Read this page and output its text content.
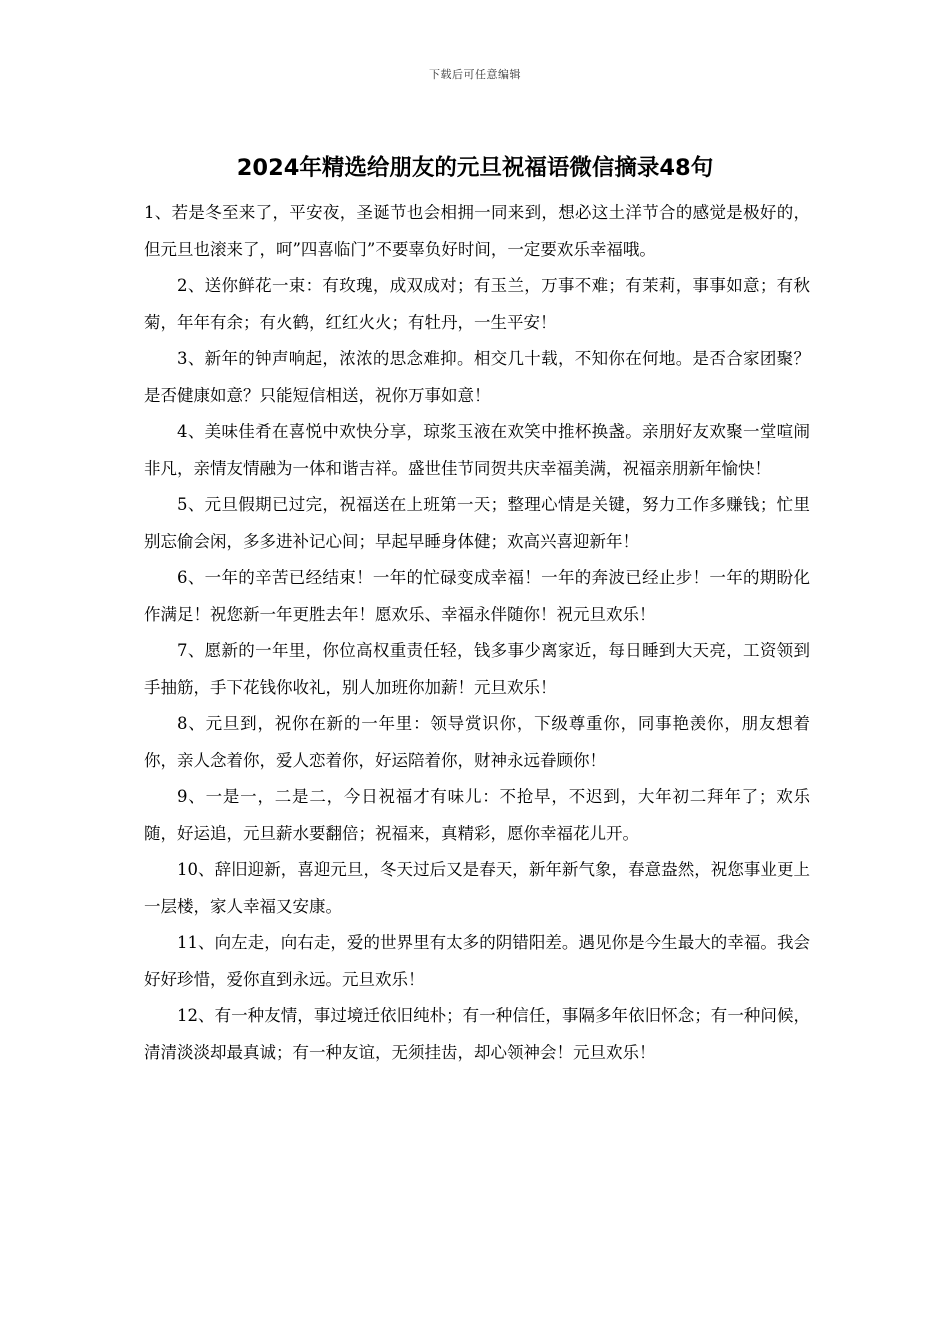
下载后可任意编辑
2024年精选给朋友的元旦祝福语微信摘录48句

1、若是冬至来了，平安夜，圣诞节也会相拥一同来到，想必这土洋节合的感觉是极好的，但元旦也滚来了，呵”四喜临门”不要辜负好时间，一定要欢乐幸福哦。

2、送你鲜花一束：有玫瑰，成双成对；有玉兰，万事不难；有茉莉，事事如意；有秋菊，年年有余；有火鹤，红红火火；有牡丹，一生平安！

3、新年的钟声响起，浓浓的思念难抑。相交几十载，不知你在何地。是否合家团聚？是否健康如意？只能短信相送，祝你万事如意！

4、美味佳肴在喜悦中欢快分享，琼浆玉液在欢笑中推杯换盏。亲朋好友欢聚一堂喧闹非凡，亲情友情融为一体和谐吉祥。盛世佳节同贺共庆幸福美满，祝福亲朋新年愉快！

5、元旦假期已过完，祝福送在上班第一天；整理心情是关键，努力工作多赚钱；忙里别忘偷会闲，多多进补记心间；早起早睡身体健；欢高兴喜迎新年！

6、一年的辛苦已经结束！一年的忙碌变成幸福！一年的奔波已经止步！一年的期盼化作满足！祝您新一年更胜去年！愿欢乐、幸福永伴随你！祝元旦欢乐！

7、愿新的一年里，你位高权重责任轻，钱多事少离家近，每日睡到大天亮，工资领到手抽筋，手下花钱你收礼，别人加班你加薪！元旦欢乐！

8、元旦到，祝你在新的一年里：领导赏识你，下级尊重你，同事艳羡你，朋友想着你，亲人念着你，爱人恋着你，好运陪着你，财神永远眷顾你！

9、一是一，二是二，今日祝福才有味儿：不抢早，不迟到，大年初二拜年了；欢乐随，好运追，元旦薪水要翻倍；祝福来，真精彩，愿你幸福花儿开。

10、辞旧迎新，喜迎元旦，冬天过后又是春天，新年新气象，春意盎然，祝您事业更上一层楼，家人幸福又安康。

11、向左走，向右走，爱的世界里有太多的阴错阳差。遇见你是今生最大的幸福。我会好好珍惜，爱你直到永远。元旦欢乐！

12、有一种友情，事过境迁依旧纯朴；有一种信任，事隔多年依旧怀念；有一种问候，清清淡淡却最真诚；有一种友谊，无须挂齿，却心领神会！元旦欢乐！
